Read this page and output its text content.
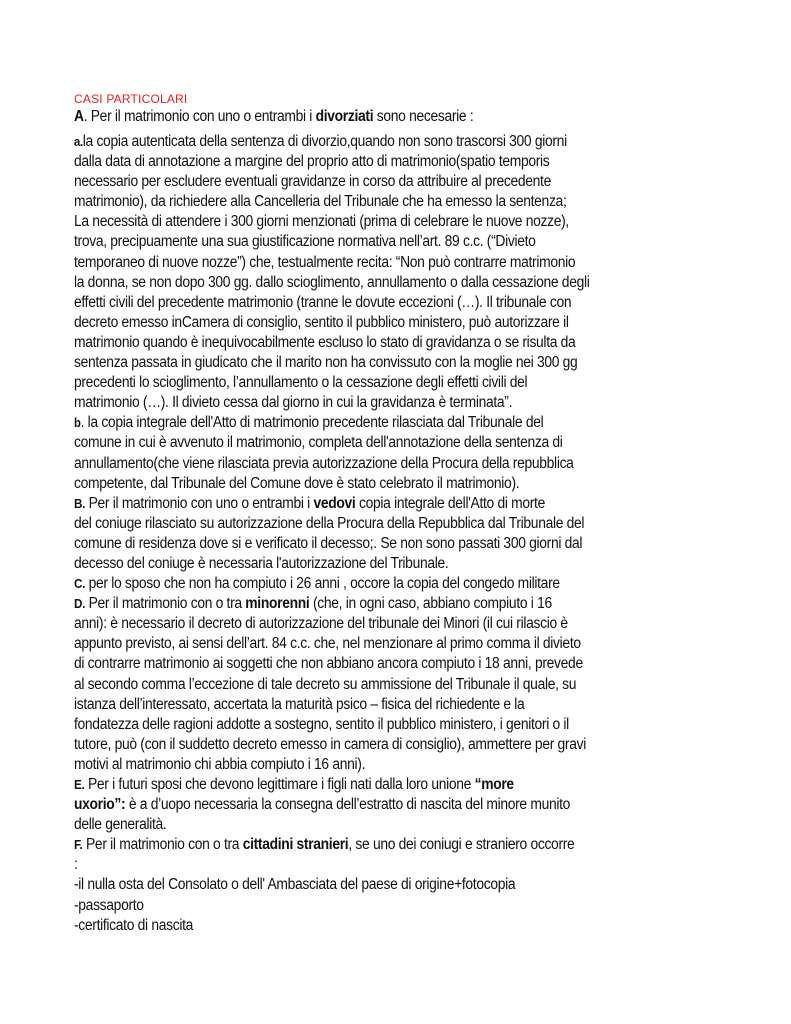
CASI PARTICOLARI
A. Per il matrimonio con uno o entrambi i divorziati sono necesarie :
a.la copia autenticata della sentenza di divorzio,quando non sono trascorsi 300 giorni
dalla data di annotazione a margine del proprio atto di matrimonio(spatio temporis
necessario per escludere eventuali gravidanze in corso da attribuire al precedente
matrimonio), da richiedere alla Cancelleria del Tribunale che ha emesso la sentenza;
La necessità di attendere i 300 giorni menzionati (prima di celebrare le nuove nozze),
trova, precipuamente una sua giustificazione normativa nell’art. 89 c.c. (“Divieto
temporaneo di nuove nozze”) che, testualmente recita: “Non può contrarre matrimonio
la donna, se non dopo 300 gg. dallo scioglimento, annullamento o dalla cessazione degli
effetti civili del precedente matrimonio (tranne le dovute eccezioni (…). Il tribunale con
decreto emesso inCamera di consiglio, sentito il pubblico ministero, può autorizzare il
matrimonio quando è inequivocabilmente escluso lo stato di gravidanza o se risulta da
sentenza passata in giudicato che il marito non ha convissuto con la moglie nei 300 gg
precedenti lo scioglimento, l’annullamento o la cessazione degli effetti civili del
matrimonio (…). Il divieto cessa dal giorno in cui la gravidanza è terminata”.
b. la copia integrale dell'Atto di matrimonio precedente rilasciata dal Tribunale del
comune in cui è avvenuto il matrimonio, completa dell'annotazione della sentenza di
annullamento(che viene rilasciata previa autorizzazione della Procura della repubblica
competente, dal Tribunale del Comune dove è stato celebrato il matrimonio).
B. Per il matrimonio con uno o entrambi i vedovi copia integrale dell'Atto di morte
del coniuge rilasciato su autorizzazione della Procura della Repubblica dal Tribunale del
comune di residenza dove si e verificato il decesso;. Se non sono passati 300 giorni dal
decesso del coniuge è necessaria l'autorizzazione del Tribunale.
C. per lo sposo che non ha compiuto i 26 anni , occore la copia del congedo militare
D. Per il matrimonio con o tra minorenni (che, in ogni caso, abbiano compiuto i 16
anni): è necessario il decreto di autorizzazione del tribunale dei Minori (il cui rilascio è
appunto previsto, ai sensi dell’art. 84 c.c. che, nel menzionare al primo comma il divieto
di contrarre matrimonio ai soggetti che non abbiano ancora compiuto i 18 anni, prevede
al secondo comma l’eccezione di tale decreto su ammissione del Tribunale il quale, su
istanza dell’interessato, accertata la maturità psico – fisica del richiedente e la
fondatezza delle ragioni addotte a sostegno, sentito il pubblico ministero, i genitori o il
tutore, può (con il suddetto decreto emesso in camera di consiglio), ammettere per gravi
motivi al matrimonio chi abbia compiuto i 16 anni).
E. Per i futuri sposi che devono legittimare i figli nati dalla loro unione “more
uxorio”: è a d’uopo necessaria la consegna dell’estratto di nascita del minore munito
delle generalità.
F. Per il matrimonio con o tra cittadini stranieri, se uno dei coniugi e straniero occorre
:
-il nulla osta del Consolato o dell' Ambasciata del paese di origine+fotocopia
-passaporto
-certificato di nascita
